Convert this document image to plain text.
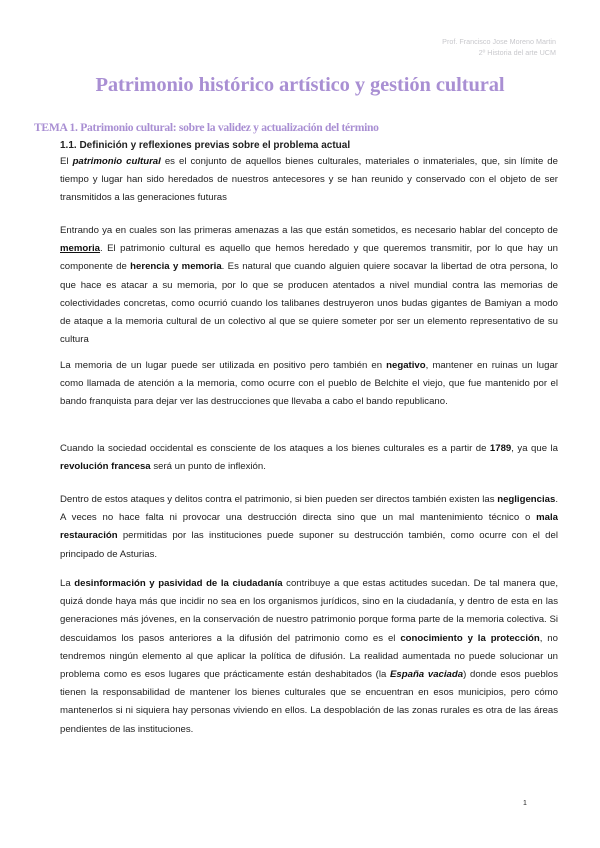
Prof. Francisco Jose Moreno Martin
2º Historia del arte UCM
Patrimonio histórico artístico y gestión cultural
TEMA 1. Patrimonio cultural: sobre la validez y actualización del término
1.1. Definición y reflexiones previas sobre el problema actual

El patrimonio cultural es el conjunto de aquellos bienes culturales, materiales o inmateriales, que, sin límite de tiempo y lugar han sido heredados de nuestros antecesores y se han reunido y conservado con el objeto de ser transmitidos a las generaciones futuras

Entrando ya en cuales son las primeras amenazas a las que están sometidos, es necesario hablar del concepto de memoria. El patrimonio cultural es aquello que hemos heredado y que queremos transmitir, por lo que hay un componente de herencia y memoria. Es natural que cuando alguien quiere socavar la libertad de otra persona, lo que hace es atacar a su memoria, por lo que se producen atentados a nivel mundial contra las memorias de colectividades concretas, como ocurrió cuando los talibanes destruyeron unos budas gigantes de Bamiyan a modo de ataque a la memoria cultural de un colectivo al que se quiere someter por ser un elemento representativo de su cultura

La memoria de un lugar puede ser utilizada en positivo pero también en negativo, mantener en ruinas un lugar como llamada de atención a la memoria, como ocurre con el pueblo de Belchite el viejo, que fue mantenido por el bando franquista para dejar ver las destrucciones que llevaba a cabo el bando republicano.

Cuando la sociedad occidental es consciente de los ataques a los bienes culturales es a partir de 1789, ya que la revolución francesa será un punto de inflexión.

Dentro de estos ataques y delitos contra el patrimonio, si bien pueden ser directos también existen las negligencias. A veces no hace falta ni provocar una destrucción directa sino que un mal mantenimiento técnico o mala restauración permitidas por las instituciones puede suponer su destrucción también, como ocurre con el del principado de Asturias.

La desinformación y pasividad de la ciudadanía contribuye a que estas actitudes sucedan. De tal manera que, quizá donde haya más que incidir no sea en los organismos jurídicos, sino en la ciudadanía, y dentro de esta en las generaciones más jóvenes, en la conservación de nuestro patrimonio porque forma parte de la memoria colectiva. Si descuidamos los pasos anteriores a la difusión del patrimonio como es el conocimiento y la protección, no tendremos ningún elemento al que aplicar la política de difusión. La realidad aumentada no puede solucionar un problema como es esos lugares que prácticamente están deshabitados (la España vaciada) donde esos pueblos tienen la responsabilidad de mantener los bienes culturales que se encuentran en esos municipios, pero cómo mantenerlos si ni siquiera hay personas viviendo en ellos. La despoblación de las zonas rurales es otra de las áreas pendientes de las instituciones.

1
